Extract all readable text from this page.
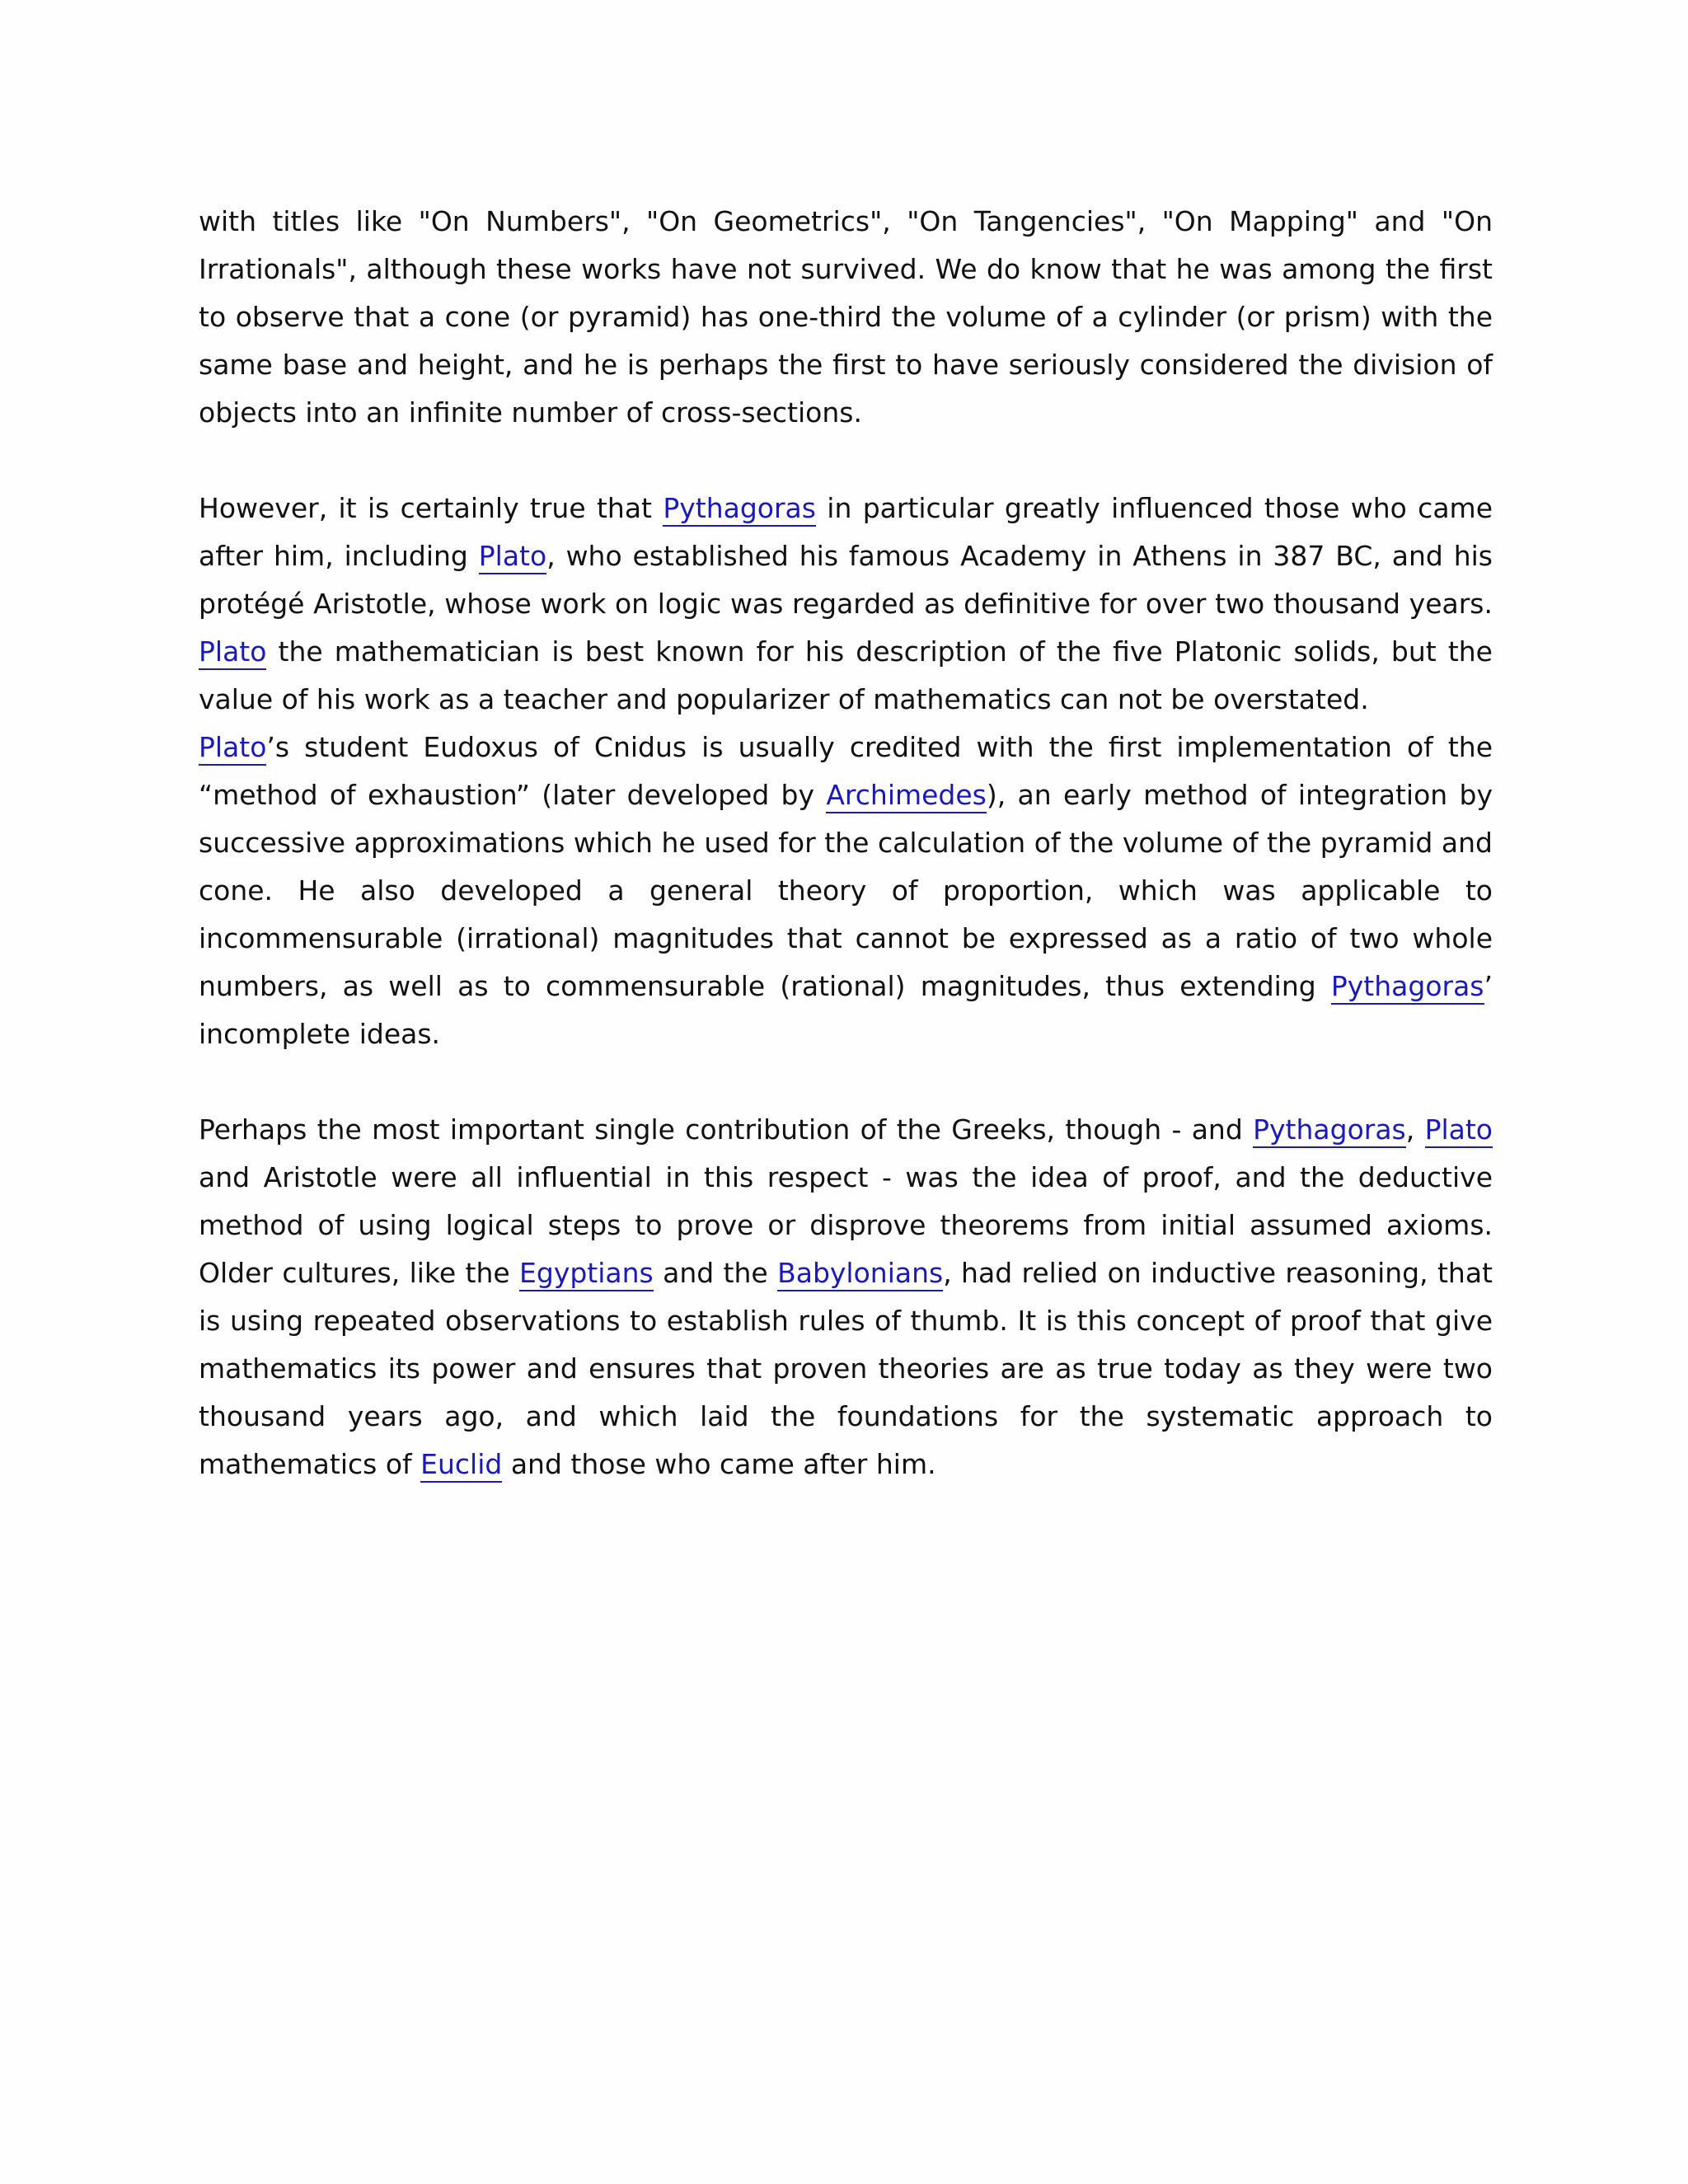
with titles like "On Numbers", "On Geometrics", "On Tangencies", "On Mapping" and "On Irrationals", although these works have not survived. We do know that he was among the first to observe that a cone (or pyramid) has one-third the volume of a cylinder (or prism) with the same base and height, and he is perhaps the first to have seriously considered the division of objects into an infinite number of cross-sections.

However, it is certainly true that Pythagoras in particular greatly influenced those who came after him, including Plato, who established his famous Academy in Athens in 387 BC, and his protégé Aristotle, whose work on logic was regarded as definitive for over two thousand years. Plato the mathematician is best known for his description of the five Platonic solids, but the value of his work as a teacher and popularizer of mathematics can not be overstated.

Plato’s student Eudoxus of Cnidus is usually credited with the first implementation of the “method of exhaustion” (later developed by Archimedes), an early method of integration by successive approximations which he used for the calculation of the volume of the pyramid and cone. He also developed a general theory of proportion, which was applicable to incommensurable (irrational) magnitudes that cannot be expressed as a ratio of two whole numbers, as well as to commensurable (rational) magnitudes, thus extending Pythagoras’ incomplete ideas.

Perhaps the most important single contribution of the Greeks, though - and Pythagoras, Plato and Aristotle were all influential in this respect - was the idea of proof, and the deductive method of using logical steps to prove or disprove theorems from initial assumed axioms. Older cultures, like the Egyptians and the Babylonians, had relied on inductive reasoning, that is using repeated observations to establish rules of thumb. It is this concept of proof that give mathematics its power and ensures that proven theories are as true today as they were two thousand years ago, and which laid the foundations for the systematic approach to mathematics of Euclid and those who came after him.
